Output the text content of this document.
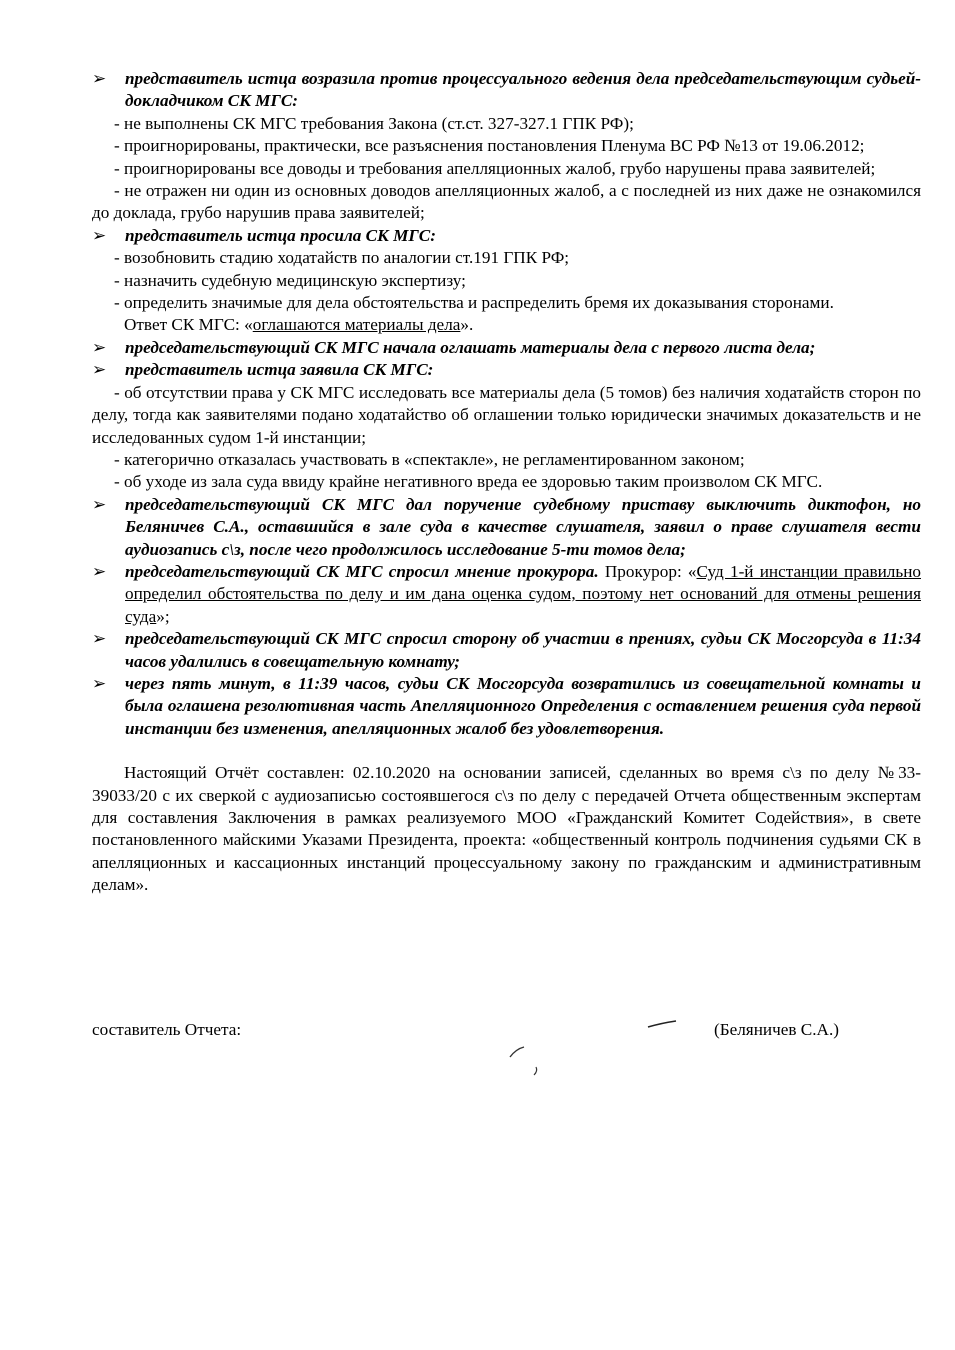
➢ представитель истца возразила против процессуального ведения дела председательствующим судьей-докладчиком СК МГС:

- не выполнены СК МГС требования Закона (ст.ст. 327-327.1 ГПК РФ);

- проигнорированы, практически, все разъяснения постановления Пленума ВС РФ №13 от 19.06.2012;

- проигнорированы все доводы и требования апелляционных жалоб, грубо нарушены права заявителей;

- не отражен ни один из основных доводов апелляционных жалоб, а с последней из них даже не ознакомился до доклада, грубо нарушив права заявителей;

➢ представитель истца просила СК МГС:

- возобновить стадию ходатайств по аналогии ст.191 ГПК РФ;

- назначить судебную медицинскую экспертизу;

- определить значимые для дела обстоятельства и распределить бремя их доказывания сторонами.

Ответ СК МГС: «оглашаются материалы дела».

➢ председательствующий СК МГС начала оглашать материалы дела с первого листа дела;
➢ представитель истца заявила СК МГС:

- об отсутствии права у СК МГС исследовать все материалы дела (5 томов) без наличия ходатайств сторон по делу, тогда как заявителями подано ходатайство об оглашении только юридически значимых доказательств и не исследованных судом 1-й инстанции;

- категорично отказалась участвовать в «спектакле», не регламентированном законом;

- об уходе из зала суда ввиду крайне негативного вреда ее здоровью таким произволом СК МГС.

➢ председательствующий СК МГС дал поручение судебному приставу выключить диктофон, но Беляничев С.А., оставшийся в зале суда в качестве слушателя, заявил о праве слушателя вести аудиозапись с\з, после чего продолжилось исследование 5-ти томов дела;
➢ председательствующий СК МГС спросил мнение прокурора. Прокурор: «Суд 1-й инстанции правильно определил обстоятельства по делу и им дана оценка судом, поэтому нет оснований для отмены решения суда»;
➢ председательствующий СК МГС спросил сторону об участии в прениях, судьи СК Мосгорсуда в 11:34 часов удалились в совещательную комнату;
➢ через пять минут, в 11:39 часов, судьи СК Мосгорсуда возвратились из совещательной комнаты и была оглашена резолютивная часть Апелляционного Определения с оставлением решения суда первой инстанции без изменения, апелляционных жалоб без удовлетворения.

Настоящий Отчёт составлен: 02.10.2020 на основании записей, сделанных во время с\з по делу №33-39033/20 с их сверкой с аудиозаписью состоявшегося с\з по делу с передачей Отчета общественным экспертам для составления Заключения в рамках реализуемого МОО «Гражданский Комитет Содействия», в свете постановленного майскими Указами Президента, проекта: «общественный контроль подчинения судьями СК в апелляционных и кассационных инстанций процессуальному закону по гражданским и административным делам».

составитель Отчета:	(Беляничев С.А.)
